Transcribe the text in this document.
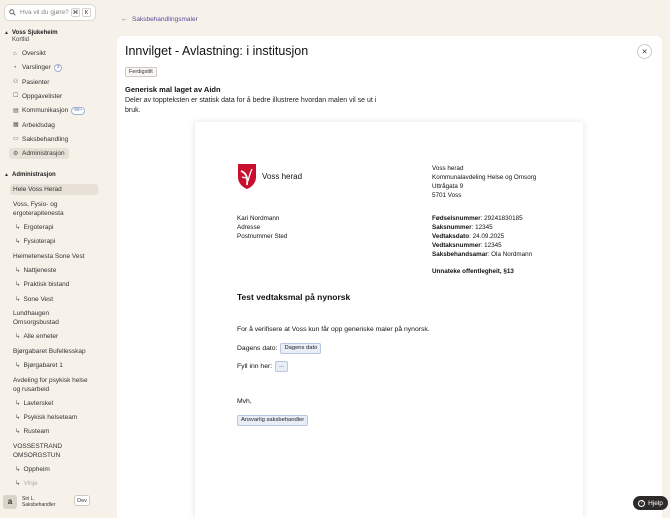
Hva vil du gjøre? ⌘	K
▲ Voss Sjukeheim
Kortlid
⌂ Oversikt
◔ Varslinger	3
⚇ Pasienter
☐ Oppgavelister
▤ Kommunikasjon	99+
▦ Arbeidsdag
▭ Saksbehandling
⚙ Administrasjon
▲ Administrasjon
Hele Voss Herad
Voss, Fysio- og ergoterapitenesta
↳ Ergoterapi
↳ Fysioterapi
Heimetenesta Sone Vest
↳ Nattjeneste
↳ Praktisk bistand
↳ Sone Vest
Lundhaugen Omsorgsbustad
↳ Alle enheter
Bjørgabaret Bufellesskap
↳ Bjørgabaret 1
Avdeling for psykisk helse og rusarbeid
↳ Lavterskel
↳ Psykisk helseteam
↳ Rusteam
VOSSESTRAND OMSORGSTUN
↳ Oppheim
↳ Vinje
a	Siri L.
Saksbehandler
Dev
← Saksbehandlingsmaler
Innvilget - Avlastning: i institusjon	✕
Ferdigstilt
Generisk mal laget av Aidn
Deler av toppteksten er statisk data for å bedre illustrere hvordan malen vil se ut i bruk.
Voss herad
Voss herad
Kommunalavdeling Helse og Omsorg
Uttrågata 9
5701 Voss
Kari Nordmann
Adresse
Postnummer Sted
Fødselsnummer: 29241830185
Saksnummer: 12345
Vedtaksdato: 24.09.2025
Vedtaksnummer: 12345
Saksbehandsamar: Ola Nordmann
Unnateke offentlegheit, §13
Test vedtaksmal på nynorsk
For å verifisere at Voss kun får opp generiske maler på nynorsk.
Dagens dato:	Dagens dato
Fyll inn her:	...
Mvh,
Ansvarlig saksbehandler
? Hjelp
